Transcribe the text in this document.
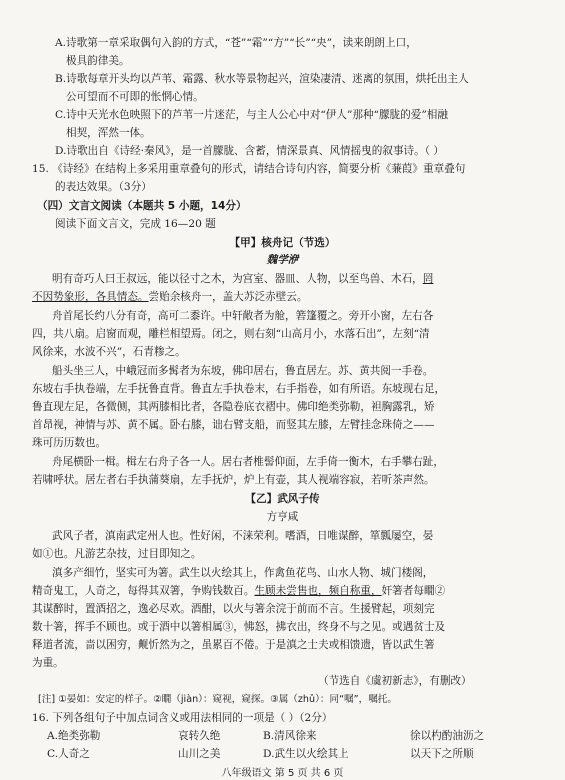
A.诗歌第一章采取偶句入韵的方式，“苍”“霜”“方”“长”“央”，读来朗朗上口，
极具韵律美。
B.诗歌每章开头均以芦苇、霜露、秋水等景物起兴，渲染凄清、迷离的氛围，烘托出主人
公可望而不可即的怅惘心情。
C.诗中天光水色映照下的芦苇一片迷茫，与主人公心中对“伊人”那种“朦胧的爱”相融
相契，浑然一体。
D.诗歌出自《诗经·秦风》，是一首朦胧、含蓄，情深景真、风情摇曳的叙事诗。（ ）
15. 《诗经》在结构上多采用重章叠句的形式，请结合诗句内容，简要分析《蒹葭》重章叠句
的表达效果。（3分）
（四）文言文阅读（本题共 5 小题，14分）
阅读下面文言文，完成 16—20 题
【甲】核舟记（节选）
魏学洢
明有奇巧人曰王叔远，能以径寸之木，为宫室、器皿、人物，以至鸟兽、木石，罔
不因势象形，各具情态。尝贻余核舟一，盖大苏泛赤壁云。
舟首尾长约八分有奇，高可二黍许。中轩敞者为舱，箬篷覆之。旁开小窗，左右各
四，共八扇。启窗而观，雕栏相望焉。闭之，则右刻“山高月小，水落石出”，左刻“清
风徐来，水波不兴”，石青糁之。
船头坐三人，中峨冠而多髯者为东坡，佛印居右，鲁直居左。苏、黄共阅一手卷。
东坡右手执卷端，左手抚鲁直背。鲁直左手执卷末，右手指卷，如有所语。东坡现右足，
鲁直现左足，各微侧，其两膝相比者，各隐卷底衣褶中。佛印绝类弥勒，袒胸露乳，矫
首昂视，神情与苏、黄不属。卧右膝，诎右臂支船，而竖其左膝，左臂挂念珠倚之——
珠可历历数也。
舟尾横卧一楫。楫左右舟子各一人。居右者椎髻仰面，左手倚一衡木，右手攀右趾，
若啸呼状。居左者右手执蒲葵扇，左手抚炉，炉上有壶，其人视端容寂，若听茶声然。
【乙】武风子传
方亨咸
武风子者，滇南武定州人也。性好闲，不涞荣利。嗜酒，日唯谋醉，箪瓢屡空，晏
如①也。凡游艺杂技，过目即知之。
滇多产细竹，坚实可为箸。武生以火绘其上，作禽鱼花鸟、山水人物、城门楼阁，
精奇鬼工，人奇之，每得其双箸，争购钱数百。生顾未尝售也，频自称重，奸箸者每瞯②
其谋醉时，置酒招之，逸必尽欢。酒酣，以火与箸余浣于前而不言。生援臂起，项刻完
数十箸，挥手不顾也。或于酒中以箸相属③，怫怒，拂衣出，终身不与之见。或遇贫士及
释道者流，啬以困穷，觍忻然为之，虽累百不倦。于是滇之士夫或相馈遗，皆以武生箸
为重。
（节选自《虞初新志》，有删改）
[注] ①晏如：安定的样子。②瞯（jiàn）：窥视，窥探。③属（zhǔ）：同“嘱”，嘱托。
16. 下列各组句子中加点词含义或用法相同的一项是（ ）（2分）
A.绝类弥勒	哀转久绝	B.清风徐来	徐以杓酌油沥之
C.人奇之	山川之美	D.武生以火绘其上	以天下之所顺
八年级语文 第 5 页 共 6 页
